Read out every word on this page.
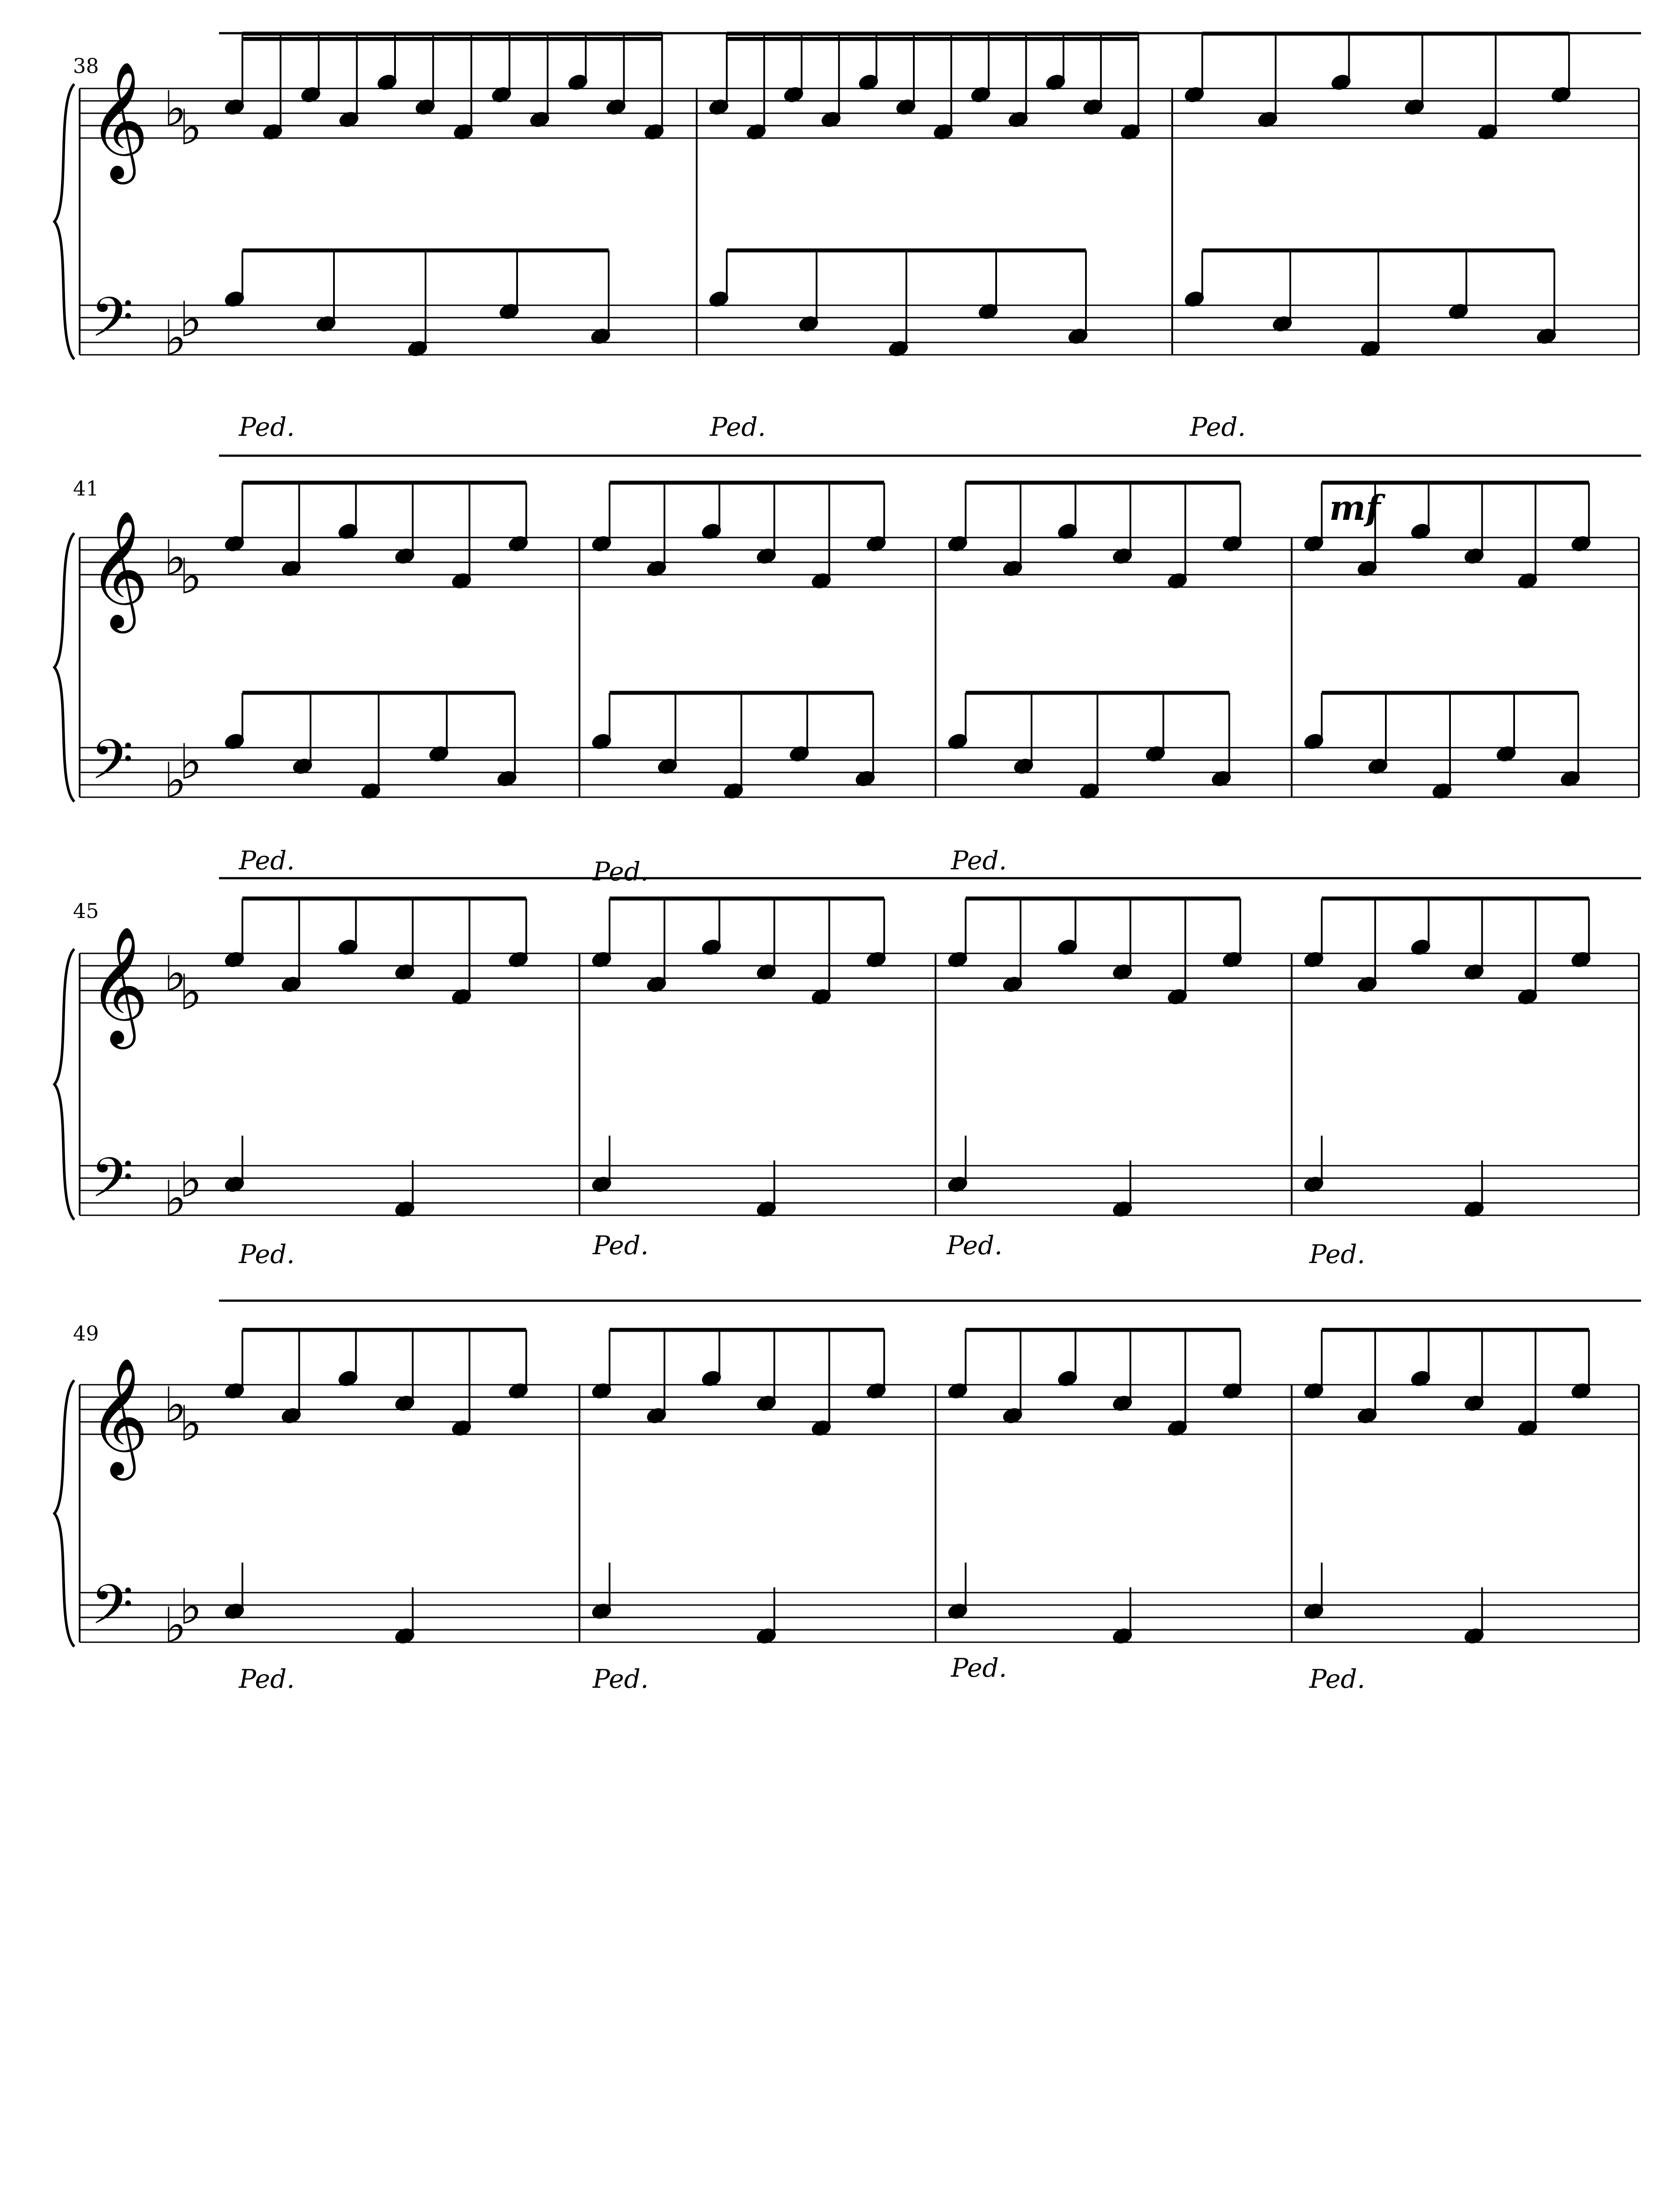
𝄞
𝄢
♭
♭
♭
♭
𝄞
𝄢
♭
♭
♭
♭
𝄞
𝄢
♭
♭
♭
♭
𝄞
𝄢
♭
♭
♭
♭
38
41
45
49
mf
Ped.	Ped.	Ped.
Ped.	Ped.	Ped.
Ped.	Ped.	Ped.	Ped.
Ped.	Ped.	Ped.	Ped.
